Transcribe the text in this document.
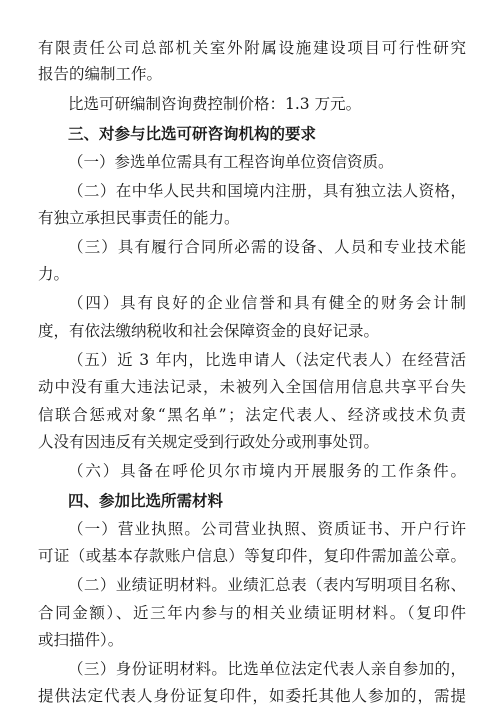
有限责任公司总部机关室外附属设施建设项目可行性研究
报告的编制工作。
比选可研编制咨询费控制价格：1.3 万元。
三、对参与比选可研咨询机构的要求
（一）参选单位需具有工程咨询单位资信资质。
（二）在中华人民共和国境内注册，具有独立法人资格，
有独立承担民事责任的能力。
（三）具有履行合同所必需的设备、人员和专业技术能
力。
（四）具有良好的企业信誉和具有健全的财务会计制
度，有依法缴纳税收和社会保障资金的良好记录。
（五）近 3 年内，比选申请人（法定代表人）在经营活
动中没有重大违法记录，未被列入全国信用信息共享平台失
信联合惩戒对象“黑名单”；法定代表人、经济或技术负责
人没有因违反有关规定受到行政处分或刑事处罚。
（六）具备在呼伦贝尔市境内开展服务的工作条件。
四、参加比选所需材料
（一）营业执照。公司营业执照、资质证书、开户行许
可证（或基本存款账户信息）等复印件，复印件需加盖公章。
（二）业绩证明材料。业绩汇总表（表内写明项目名称、
合同金额）、近三年内参与的相关业绩证明材料。（复印件
或扫描件）。
（三）身份证明材料。比选单位法定代表人亲自参加的，
提供法定代表人身份证复印件，如委托其他人参加的，需提
